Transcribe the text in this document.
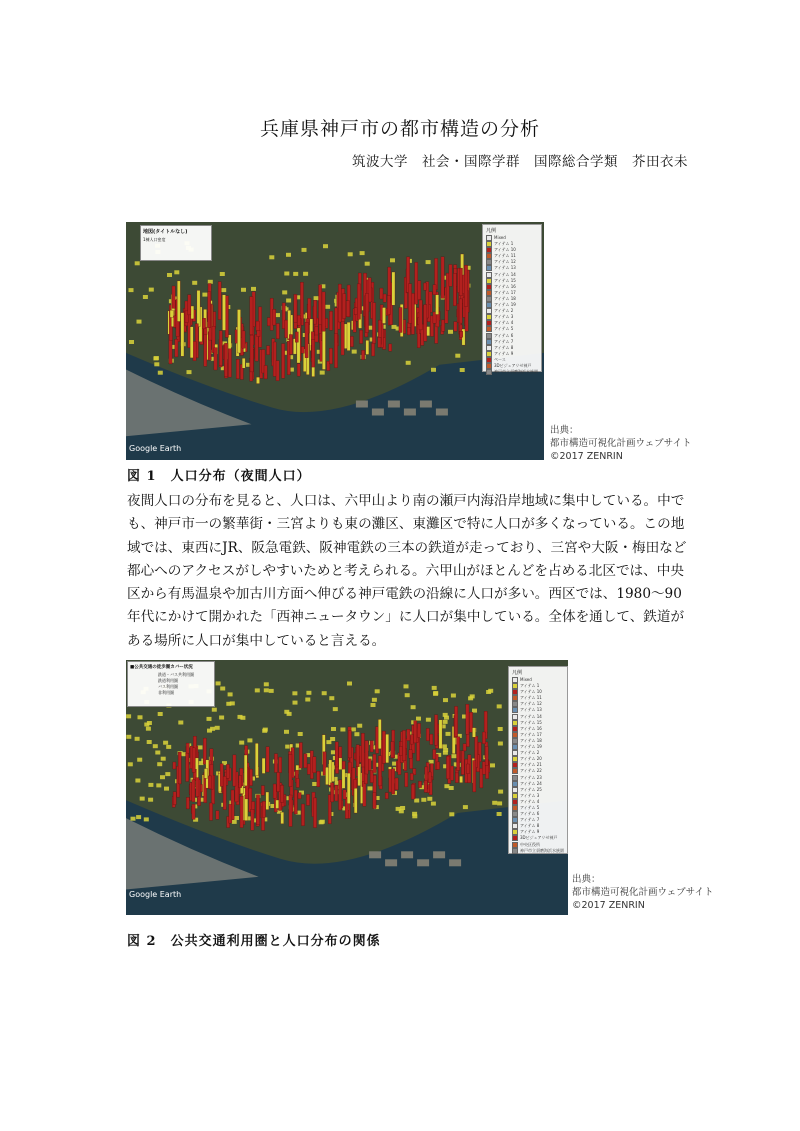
兵庫県神戸市の都市構造の分析
筑波大学　社会・国際学群　国際総合学類　芥田衣未
地図(タイトルなし)
1棟人口密度
凡例
Mixed
アイテム 1
アイテム 10
アイテム 11
アイテム 12
アイテム 13
アイテム 14
アイテム 15
アイテム 16
アイテム 17
アイテム 18
アイテム 19
アイテム 2
アイテム 3
アイテム 4
アイテム 5
アイテム 6
アイテム 7
アイテム 8
アイテム 9
ペース
3Dビジュアリゼ神戸
神戸市立須磨海浜水族園
Google Earth
出典：
都市構造可視化計画ウェブサイト
©2017 ZENRIN
図 1　人口分布（夜間人口）

夜間人口の分布を見ると、人口は、六甲山より南の瀬戸内海沿岸地域に集中している。中でも、神戸市一の繁華街・三宮よりも東の灘区、東灘区で特に人口が多くなっている。この地域では、東西にJR、阪急電鉄、阪神電鉄の三本の鉄道が走っており、三宮や大阪・梅田など都心へのアクセスがしやすいためと考えられる。六甲山がほとんどを占める北区では、中央区から有馬温泉や加古川方面へ伸びる神戸電鉄の沿線に人口が多い。西区では、1980～90年代にかけて開かれた「西神ニュータウン」に人口が集中している。全体を通して、鉄道がある場所に人口が集中していると言える。

■公共交通の徒歩圏カバー状況
鉄道・バス共利用圏
鉄道利用圏
バス利用圏
非利用圏
凡例
Mixed
アイテム 1
アイテム 10
アイテム 11
アイテム 12
アイテム 13
アイテム 14
アイテム 15
アイテム 16
アイテム 17
アイテム 18
アイテム 19
アイテム 2
アイテム 20
アイテム 21
アイテム 22
アイテム 23
アイテム 24
アイテム 25
アイテム 3
アイテム 4
アイテム 5
アイテム 6
アイテム 7
アイテム 8
アイテム 9
3Dビジュアリゼ神戸
中央区役所
神戸市立須磨海浜水族園
Google Earth
出典：
都市構造可視化計画ウェブサイト
©2017 ZENRIN
図 2　公共交通利用圏と人口分布の関係
